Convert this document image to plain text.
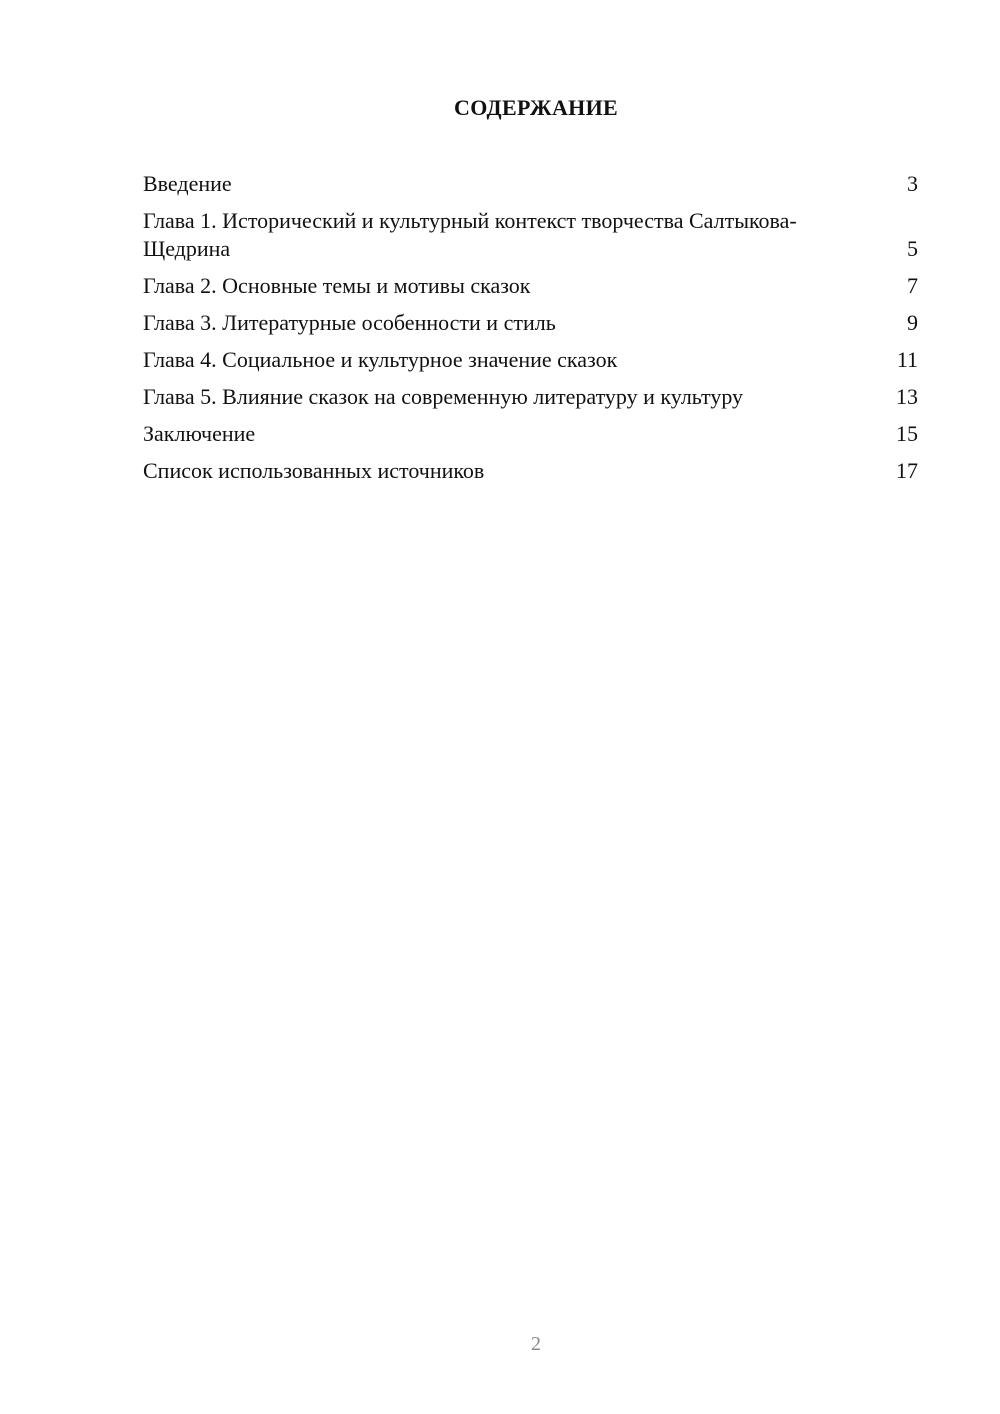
СОДЕРЖАНИЕ
Введение	3
Глава 1. Исторический и культурный контекст творчества Салтыкова-Щедрина	5
Глава 2. Основные темы и мотивы сказок	7
Глава 3. Литературные особенности и стиль	9
Глава 4. Социальное и культурное значение сказок	11
Глава 5. Влияние сказок на современную литературу и культуру	13
Заключение	15
Список использованных источников	17
2
